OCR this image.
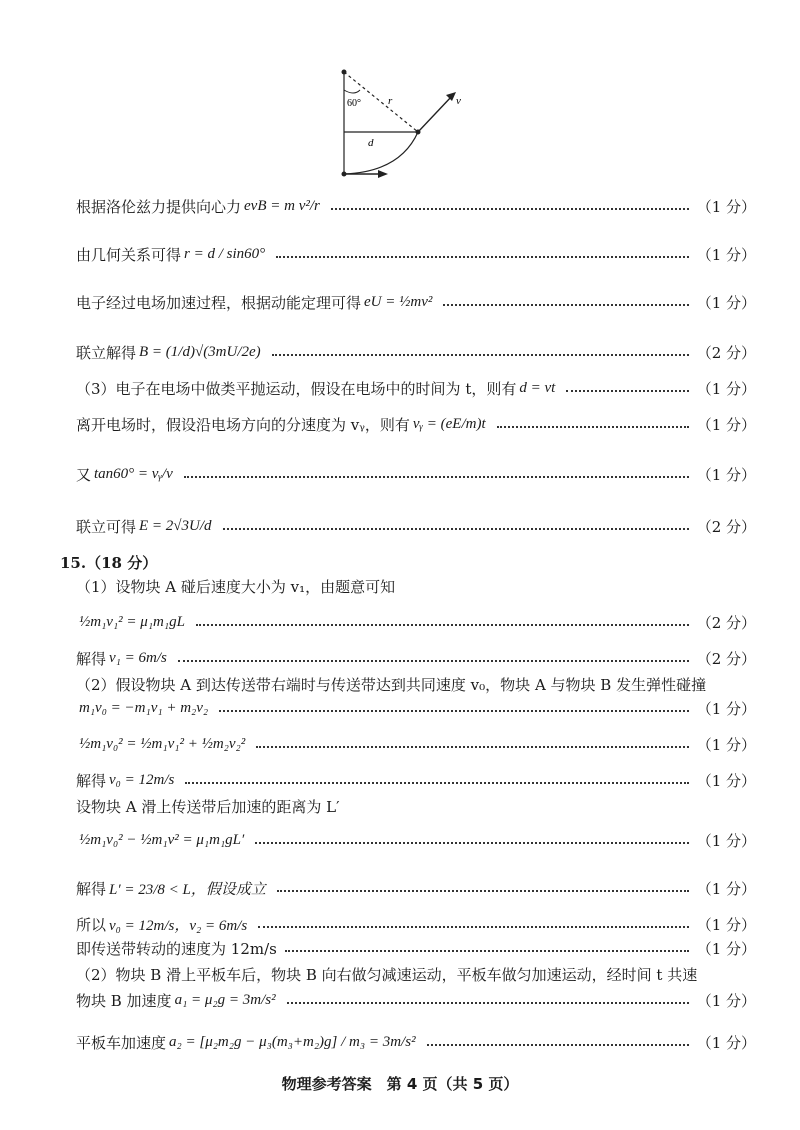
60° r
d
v
根据洛伦兹力提供向心力 evB = m v²/r	（1 分）
由几何关系可得 r = d / sin60°	（1 分）
电子经过电场加速过程，根据动能定理可得 eU = ½mv²	（1 分）
联立解得 B = (1/d)√(3mU/2e)	（2 分）
（3）电子在电场中做类平抛运动，假设在电场中的时间为 t，则有 d = vt	（1 分）
离开电场时，假设沿电场方向的分速度为 vᵧ，则有 vᵧ = (eE/m)t	（1 分）
又 tan60° = vᵧ/v	（1 分）
联立可得 E = 2√3U/d	（2 分）
15.（18 分）
（1）设物块 A 碰后速度大小为 v₁，由题意可知
½m₁v₁² = μ₁m₁gL	（2 分）
解得 v₁ = 6m/s	（2 分）
（2）假设物块 A 到达传送带右端时与传送带达到共同速度 v₀，物块 A 与物块 B 发生弹性碰撞
m₁v₀ = −m₁v₁ + m₂v₂	（1 分）
½m₁v₀² = ½m₁v₁² + ½m₂v₂²	（1 分）
解得 v₀ = 12m/s	（1 分）
设物块 A 滑上传送带后加速的距离为 L′
½m₁v₀² − ½m₁v² = μ₁m₁gL′	（1 分）
解得 L′ = 23/8 < L，假设成立	（1 分）
所以 v₀ = 12m/s，v₂ = 6m/s	（1 分）
即传送带转动的速度为 12m/s	（1 分）
（2）物块 B 滑上平板车后，物块 B 向右做匀减速运动，平板车做匀加速运动，经时间 t 共速
物块 B 加速度 a₁ = μ₂g = 3m/s²	（1 分）
平板车加速度 a₂ = [μ₂m₂g − μ₃(m₃+m₂)g] / m₃ = 3m/s²	（1 分）
物理参考答案　第 4 页（共 5 页）
